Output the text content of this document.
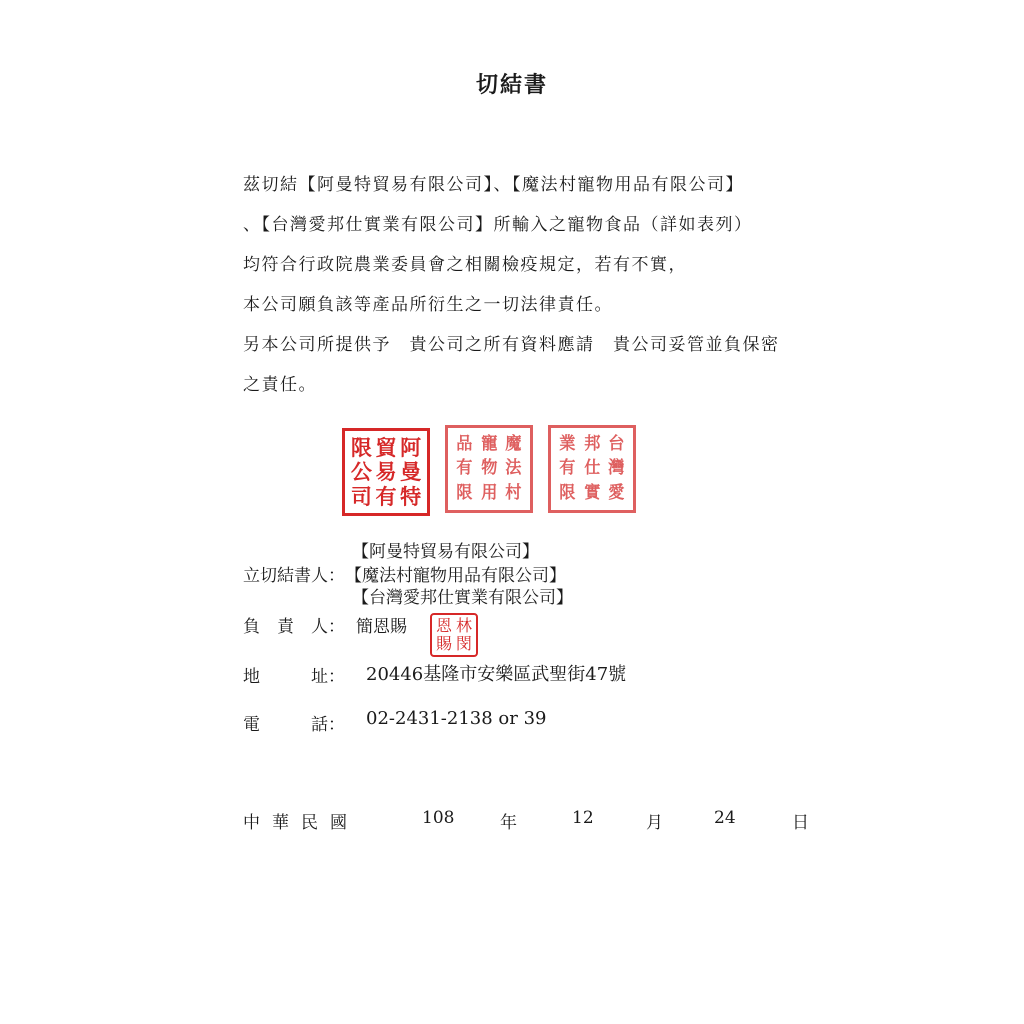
切結書
茲切結【阿曼特貿易有限公司】、【魔法村寵物用品有限公司】
、【台灣愛邦仕實業有限公司】所輸入之寵物食品（詳如表列）
均符合行政院農業委員會之相關檢疫規定，若有不實，
本公司願負該等產品所衍生之一切法律責任。
另本公司所提供予　貴公司之所有資料應請　貴公司妥管並負保密
之責任。
阿
曼
特
貿
易
有
限
公
司
魔
法
村
寵
物
用
品
有
限
台
灣
愛
邦
仕
實
業
有
限
【阿曼特貿易有限公司】
立切結書人： 【魔法村寵物用品有限公司】
【台灣愛邦仕實業有限公司】
負　責　人： 簡恩賜	林
閔
恩
賜
地　　　址： 20446基隆市安樂區武聖街47號
電　　　話： 02-2431-2138 or 39
中華民國	108	年	12	月	24	日
